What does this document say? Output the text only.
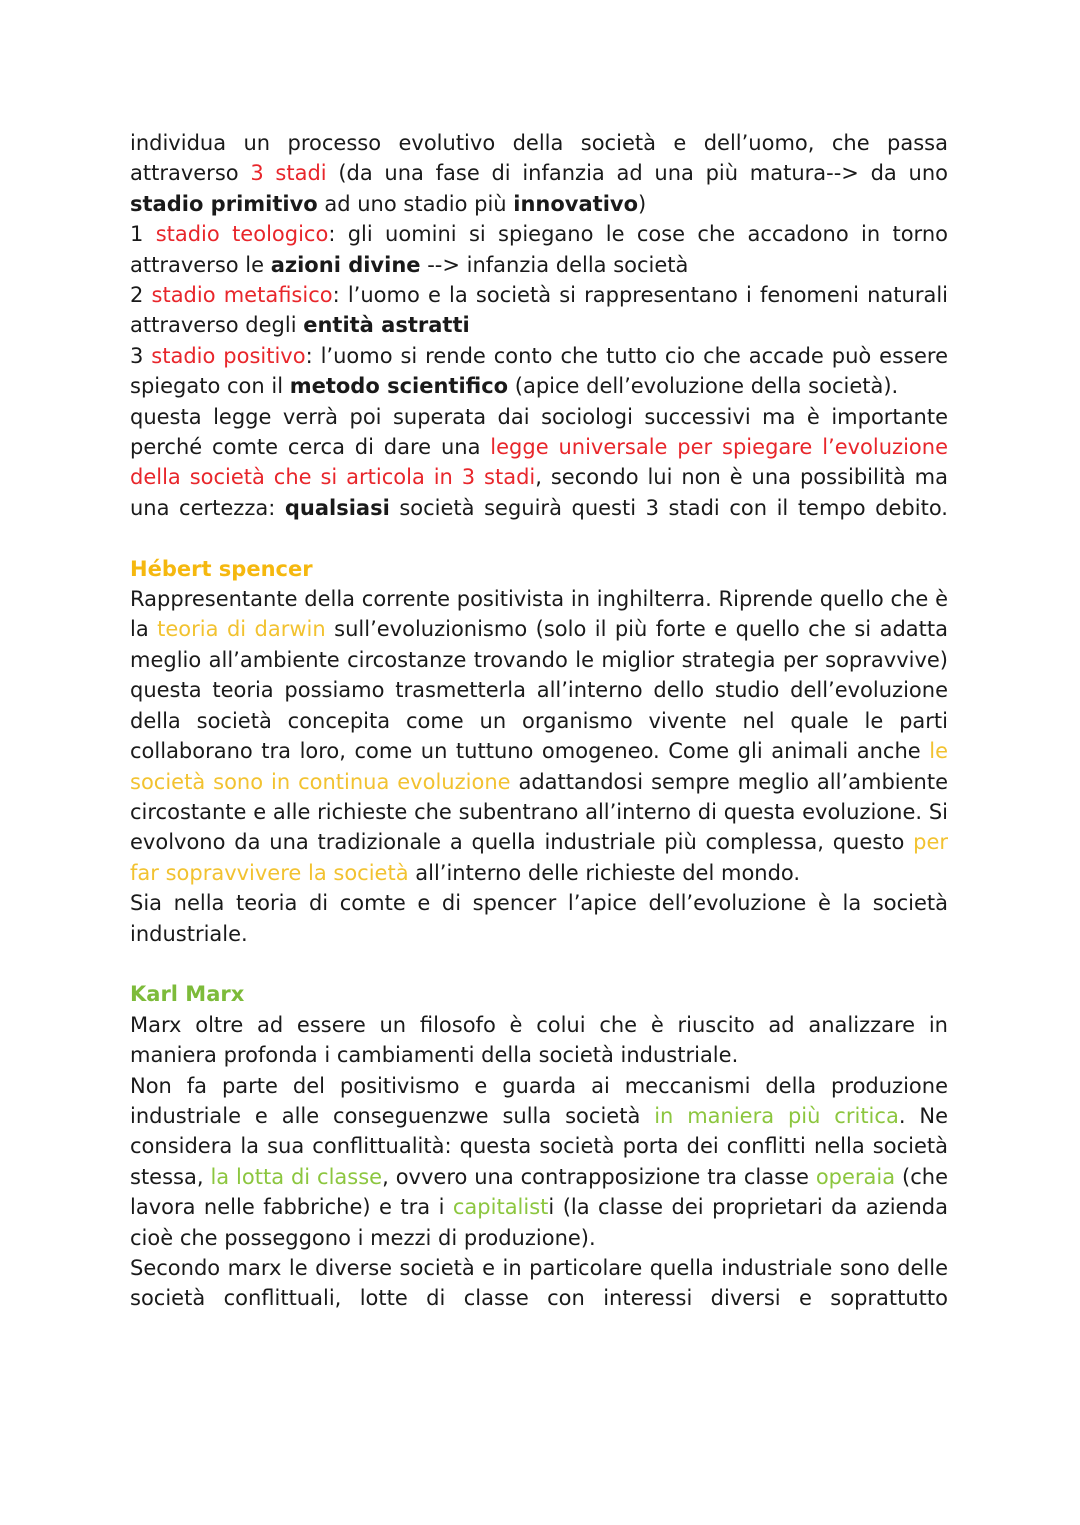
individua un processo evolutivo della società e dell’uomo, che passa attraverso 3 stadi (da una fase di infanzia ad una più matura--> da uno stadio primitivo ad uno stadio più innovativo)

1 stadio teologico: gli uomini si spiegano le cose che accadono in torno attraverso le azioni divine --> infanzia della società

2 stadio metafisico: l’uomo e la società si rappresentano i fenomeni naturali attraverso degli entità astratti

3 stadio positivo: l’uomo si rende conto che tutto cio che accade può essere spiegato con il metodo scientifico (apice dell’evoluzione della società).

questa legge verrà poi superata dai sociologi successivi ma è importante perché comte cerca di dare una legge universale per spiegare l’evoluzione della società che si articola in 3 stadi, secondo lui non è una possibilità ma una certezza: qualsiasi società seguirà questi 3 stadi con il tempo debito.

Hébert spencer

Rappresentante della corrente positivista in inghilterra. Riprende quello che è la teoria di darwin sull’evoluzionismo (solo il più forte e quello che si adatta meglio all’ambiente circostanze trovando le miglior strategia per sopravvive) questa teoria possiamo trasmetterla all’interno dello studio dell’evoluzione della società concepita come un organismo vivente nel quale le parti collaborano tra loro, come un tuttuno omogeneo. Come gli animali anche le società sono in continua evoluzione adattandosi sempre meglio all’ambiente circostante e alle richieste che subentrano all’interno di questa evoluzione. Si evolvono da una tradizionale a quella industriale più complessa, questo per far sopravvivere la società all’interno delle richieste del mondo.

Sia nella teoria di comte e di spencer l’apice dell’evoluzione è la società industriale.

Karl Marx

Marx oltre ad essere un filosofo è colui che è riuscito ad analizzare in maniera profonda i cambiamenti della società industriale.

Non fa parte del positivismo e guarda ai meccanismi della produzione industriale e alle conseguenzwe sulla società in maniera più critica. Ne considera la sua conflittualità: questa società porta dei conflitti nella società stessa, la lotta di classe, ovvero una contrapposizione tra classe operaia (che lavora nelle fabbriche) e tra i capitalisti (la classe dei proprietari da azienda cioè che posseggono i mezzi di produzione).

Secondo marx le diverse società e in particolare quella industriale sono delle società conflittuali, lotte di classe con interessi diversi e soprattutto
